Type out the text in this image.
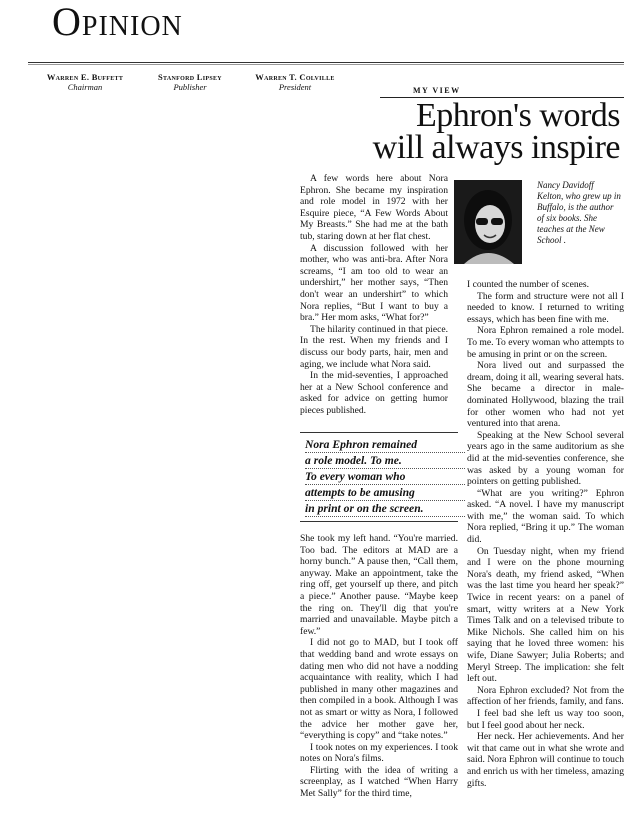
Opinion
Warren E. Buffett
Chairman
Stanford Lipsey
Publisher
Warren T. Colville
President	MY VIEW
Ephron's words
will always inspire

A few words here about Nora Ephron. She became my inspiration and role model in 1972 with her Esquire piece, “A Few Words About My Breasts.” She had me at the bath tub, staring down at her flat chest.

A discussion followed with her mother, who was anti-bra. After Nora screams, “I am too old to wear an undershirt,” her mother says, “Then don't wear an undershirt” to which Nora replies, “But I want to buy a bra.” Her mom asks, “What for?”

The hilarity continued in that piece. In the rest. When my friends and I discuss our body parts, hair, men and aging, we include what Nora said.

In the mid-seventies, I approached her at a New School conference and asked for advice on getting humor pieces published.

Nancy Davidoff Kelton, who grew up in Buffalo, is the author of six books. She teaches at the New School .

I counted the number of scenes.

The form and structure were not all I needed to know. I returned to writing essays, which has been fine with me.

Nora Ephron remained a role model. To me. To every woman who attempts to be amusing in print or on the screen.

Nora lived out and surpassed the dream, doing it all, wearing several hats. She became a director in male-dominated Hollywood, blazing the trail for other women who had not yet ventured into that arena.

Speaking at the New School several years ago in the same auditorium as she did at the mid-seventies conference, she was asked by a young woman for pointers on getting published.

“What are you writing?” Ephron asked. “A novel. I have my manuscript with me,” the woman said. To which Nora replied, “Bring it up.” The woman did.

On Tuesday night, when my friend and I were on the phone mourning Nora's death, my friend asked, “When was the last time you heard her speak?” Twice in recent years: on a panel of smart, witty writers at a New York Times Talk and on a televised tribute to Mike Nichols. She called him on his saying that he loved three women: his wife, Diane Sawyer; Julia Roberts; and Meryl Streep. The implication: she felt left out.

Nora Ephron excluded? Not from the affection of her friends, family, and fans.

I feel bad she left us way too soon, but I feel good about her neck.

Her neck. Her achievements. And her wit that came out in what she wrote and said. Nora Ephron will continue to touch and enrich us with her timeless, amazing gifts.

Nora Ephron remained
a role model. To me.
To every woman who
attempts to be amusing
in print or on the screen.

She took my left hand. “You're married. Too bad. The editors at MAD are a horny bunch.” A pause then, “Call them, anyway. Make an appointment, take the ring off, get yourself up there, and pitch a piece.” Another pause. “Maybe keep the ring on. They'll dig that you're married and unavailable. Maybe pitch a few.”

I did not go to MAD, but I took off that wedding band and wrote essays on dating men who did not have a nodding acquaintance with reality, which I had published in many other magazines and then compiled in a book. Although I was not as smart or witty as Nora, I followed the advice her mother gave her, “everything is copy” and “take notes.”

I took notes on my experiences. I took notes on Nora's films.

Flirting with the idea of writing a screenplay, as I watched “When Harry Met Sally” for the third time,
